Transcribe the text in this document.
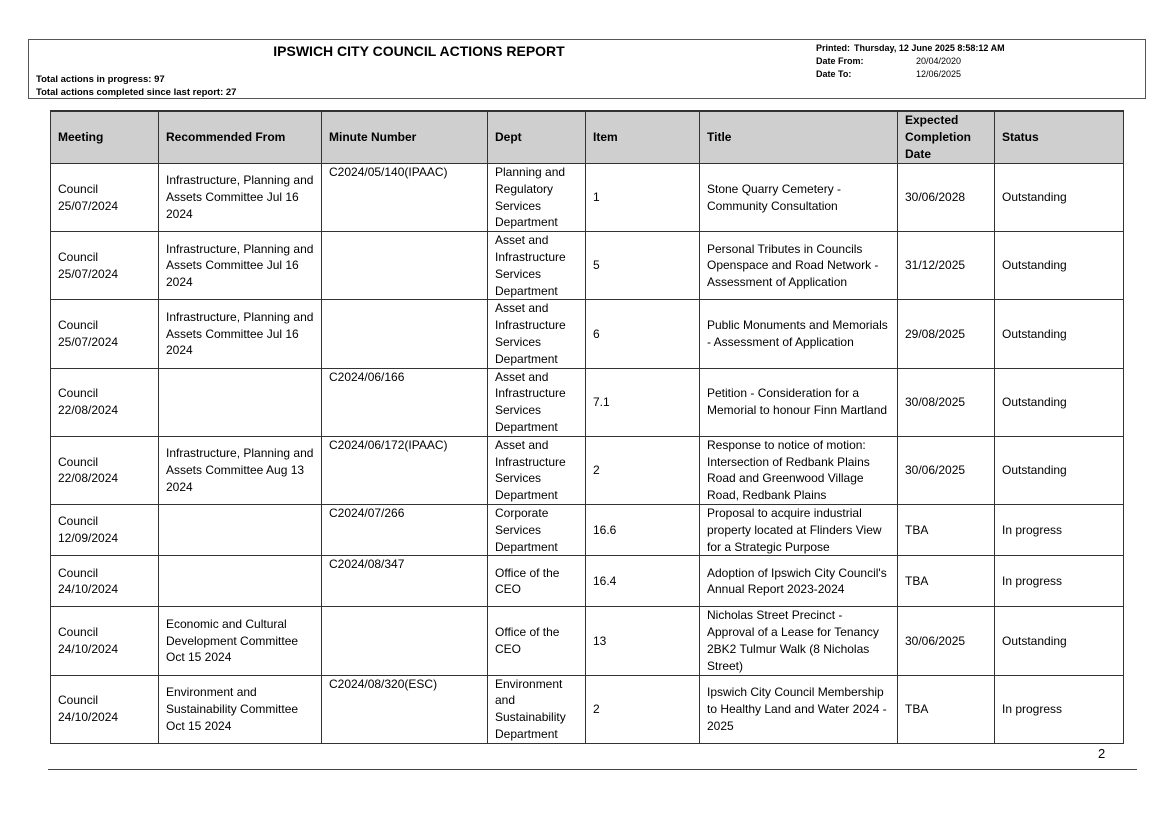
IPSWICH CITY COUNCIL ACTIONS REPORT
Total actions in progress: 97
Total actions completed since last report: 27
Printed: Thursday, 12 June 2025 8:58:12 AM
Date From:	20/04/2020
Date To:	12/06/2025
Meeting	Recommended From	Minute Number	Dept	Item	Title	Expected Completion Date	Status
Council 25/07/2024	Infrastructure, Planning and Assets Committee Jul 16 2024	C2024/05/140(IPAAC)	Planning and Regulatory Services Department	1	Stone Quarry Cemetery - Community Consultation	30/06/2028	Outstanding
Council 25/07/2024	Infrastructure, Planning and Assets Committee Jul 16 2024		Asset and Infrastructure Services Department	5	Personal Tributes in Councils Openspace and Road Network - Assessment of Application	31/12/2025	Outstanding
Council 25/07/2024	Infrastructure, Planning and Assets Committee Jul 16 2024		Asset and Infrastructure Services Department	6	Public Monuments and Memorials - Assessment of Application	29/08/2025	Outstanding
Council 22/08/2024		C2024/06/166	Asset and Infrastructure Services Department	7.1	Petition - Consideration for a Memorial to honour Finn Martland	30/08/2025	Outstanding
Council 22/08/2024	Infrastructure, Planning and Assets Committee Aug 13 2024	C2024/06/172(IPAAC)	Asset and Infrastructure Services Department	2	Response to notice of motion: Intersection of Redbank Plains Road and Greenwood Village Road, Redbank Plains	30/06/2025	Outstanding
Council 12/09/2024		C2024/07/266	Corporate Services Department	16.6	Proposal to acquire industrial property located at Flinders View for a Strategic Purpose	TBA	In progress
Council 24/10/2024		C2024/08/347	Office of the CEO	16.4	Adoption of Ipswich City Council's Annual Report 2023-2024	TBA	In progress
Council 24/10/2024	Economic and Cultural Development Committee Oct 15 2024		Office of the CEO	13	Nicholas Street Precinct - Approval of a Lease for Tenancy 2BK2 Tulmur Walk (8 Nicholas Street)	30/06/2025	Outstanding
Council 24/10/2024	Environment and Sustainability Committee Oct 15 2024	C2024/08/320(ESC)	Environment and Sustainability Department	2	Ipswich City Council Membership to Healthy Land and Water 2024 - 2025	TBA	In progress
2
